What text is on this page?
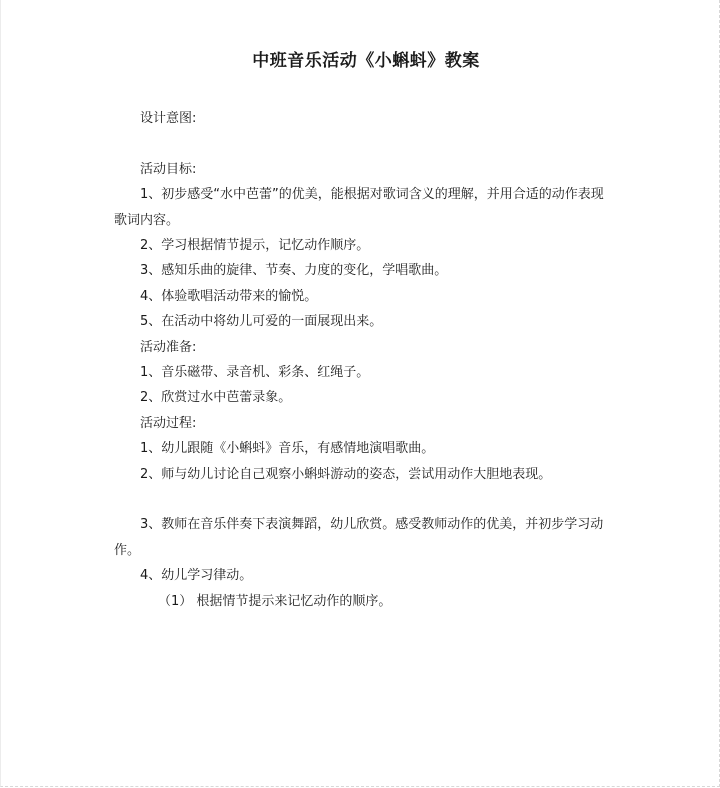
中班音乐活动《小蝌蚪》教案

设计意图:

活动目标:

1、初步感受“水中芭蕾”的优美，能根据对歌词含义的理解，并用合适的动作表现歌词内容。

2、学习根据情节提示，记忆动作顺序。

3、感知乐曲的旋律、节奏、力度的变化，学唱歌曲。

4、体验歌唱活动带来的愉悦。

5、在活动中将幼儿可爱的一面展现出来。

活动准备:

1、音乐磁带、录音机、彩条、红绳子。

2、欣赏过水中芭蕾录象。

活动过程:

1、幼儿跟随《小蝌蚪》音乐，有感情地演唱歌曲。

2、师与幼儿讨论自己观察小蝌蚪游动的姿态，尝试用动作大胆地表现。

3、教师在音乐伴奏下表演舞蹈，幼儿欣赏。感受教师动作的优美，并初步学习动作。

4、幼儿学习律动。

（1） 根据情节提示来记忆动作的顺序。
